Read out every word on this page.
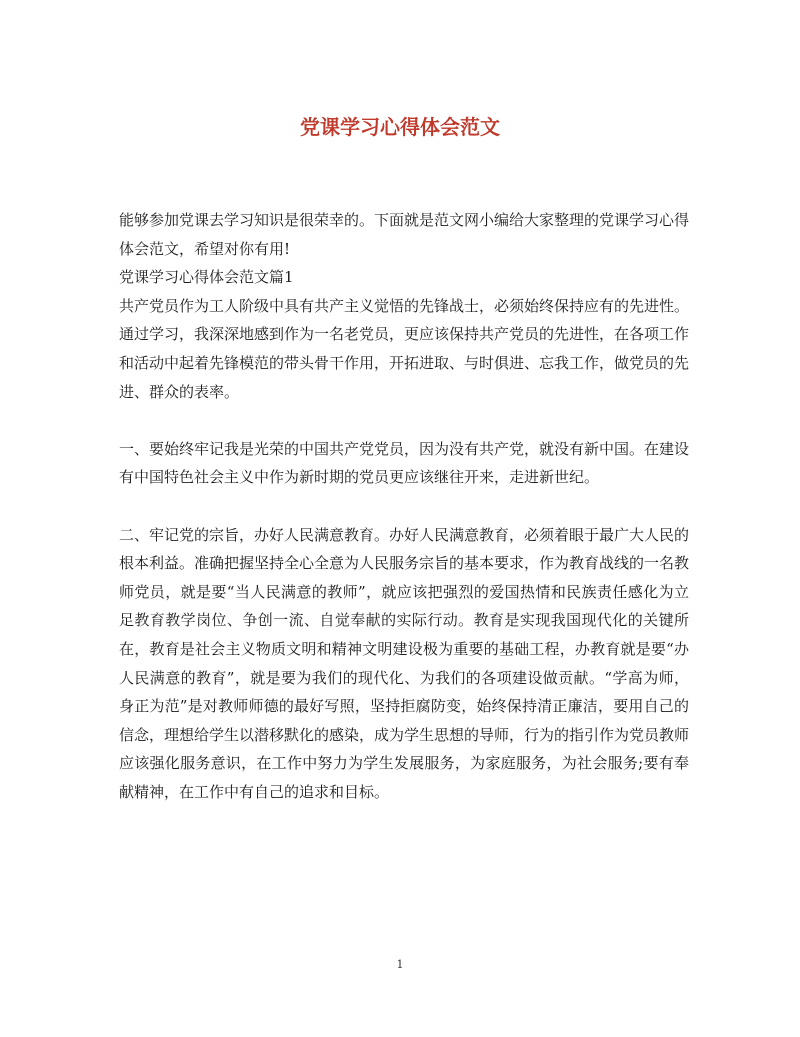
党课学习心得体会范文

能够参加党课去学习知识是很荣幸的。下面就是范文网小编给大家整理的党课学习心得体会范文，希望对你有用!

党课学习心得体会范文篇1

共产党员作为工人阶级中具有共产主义觉悟的先锋战士，必须始终保持应有的先进性。通过学习，我深深地感到作为一名老党员，更应该保持共产党员的先进性，在各项工作和活动中起着先锋模范的带头骨干作用，开拓进取、与时俱进、忘我工作，做党员的先进、群众的表率。

一、要始终牢记我是光荣的中国共产党党员，因为没有共产党，就没有新中国。在建设有中国特色社会主义中作为新时期的党员更应该继往开来，走进新世纪。

二、牢记党的宗旨，办好人民满意教育。办好人民满意教育，必须着眼于最广大人民的根本利益。准确把握坚持全心全意为人民服务宗旨的基本要求，作为教育战线的一名教师党员，就是要“当人民满意的教师”，就应该把强烈的爱国热情和民族责任感化为立足教育教学岗位、争创一流、自觉奉献的实际行动。教育是实现我国现代化的关键所在，教育是社会主义物质文明和精神文明建设极为重要的基础工程，办教育就是要“办人民满意的教育”，就是要为我们的现代化、为我们的各项建设做贡献。“学高为师，身正为范”是对教师师德的最好写照，坚持拒腐防变，始终保持清正廉洁，要用自己的信念，理想给学生以潜移默化的感染，成为学生思想的导师，行为的指引作为党员教师应该强化服务意识，在工作中努力为学生发展服务，为家庭服务，为社会服务;要有奉献精神，在工作中有自己的追求和目标。

1
